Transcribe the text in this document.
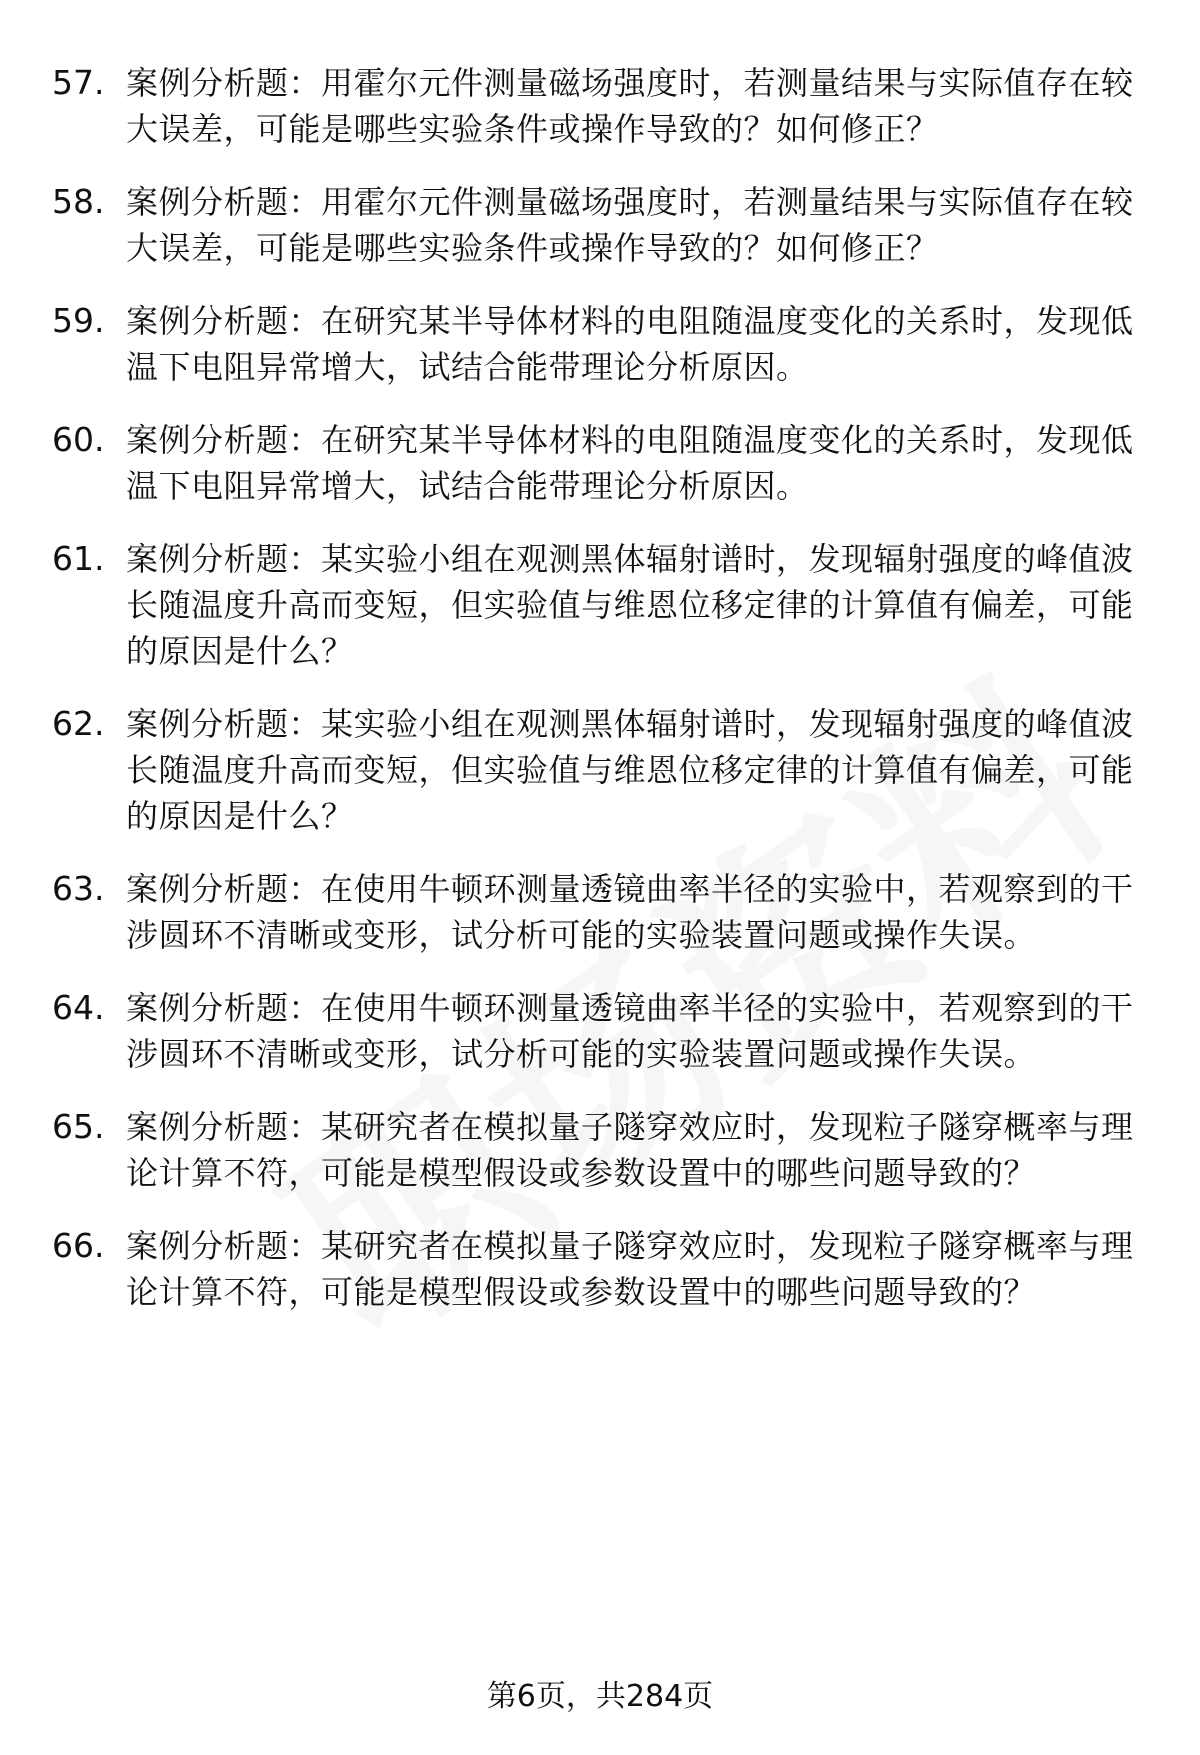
57. 案例分析题：用霍尔元件测量磁场强度时，若测量结果与实际值存在较大误差，可能是哪些实验条件或操作导致的？如何修正？
58. 案例分析题：用霍尔元件测量磁场强度时，若测量结果与实际值存在较大误差，可能是哪些实验条件或操作导致的？如何修正？
59. 案例分析题：在研究某半导体材料的电阻随温度变化的关系时，发现低温下电阻异常增大，试结合能带理论分析原因。
60. 案例分析题：在研究某半导体材料的电阻随温度变化的关系时，发现低温下电阻异常增大，试结合能带理论分析原因。
61. 案例分析题：某实验小组在观测黑体辐射谱时，发现辐射强度的峰值波长随温度升高而变短，但实验值与维恩位移定律的计算值有偏差，可能的原因是什么？
62. 案例分析题：某实验小组在观测黑体辐射谱时，发现辐射强度的峰值波长随温度升高而变短，但实验值与维恩位移定律的计算值有偏差，可能的原因是什么？
63. 案例分析题：在使用牛顿环测量透镜曲率半径的实验中，若观察到的干涉圆环不清晰或变形，试分析可能的实验装置问题或操作失误。
64. 案例分析题：在使用牛顿环测量透镜曲率半径的实验中，若观察到的干涉圆环不清晰或变形，试分析可能的实验装置问题或操作失误。
65. 案例分析题：某研究者在模拟量子隧穿效应时，发现粒子隧穿概率与理论计算不符，可能是模型假设或参数设置中的哪些问题导致的？
66. 案例分析题：某研究者在模拟量子隧穿效应时，发现粒子隧穿概率与理论计算不符，可能是模型假设或参数设置中的哪些问题导致的？
第6页，共284页
